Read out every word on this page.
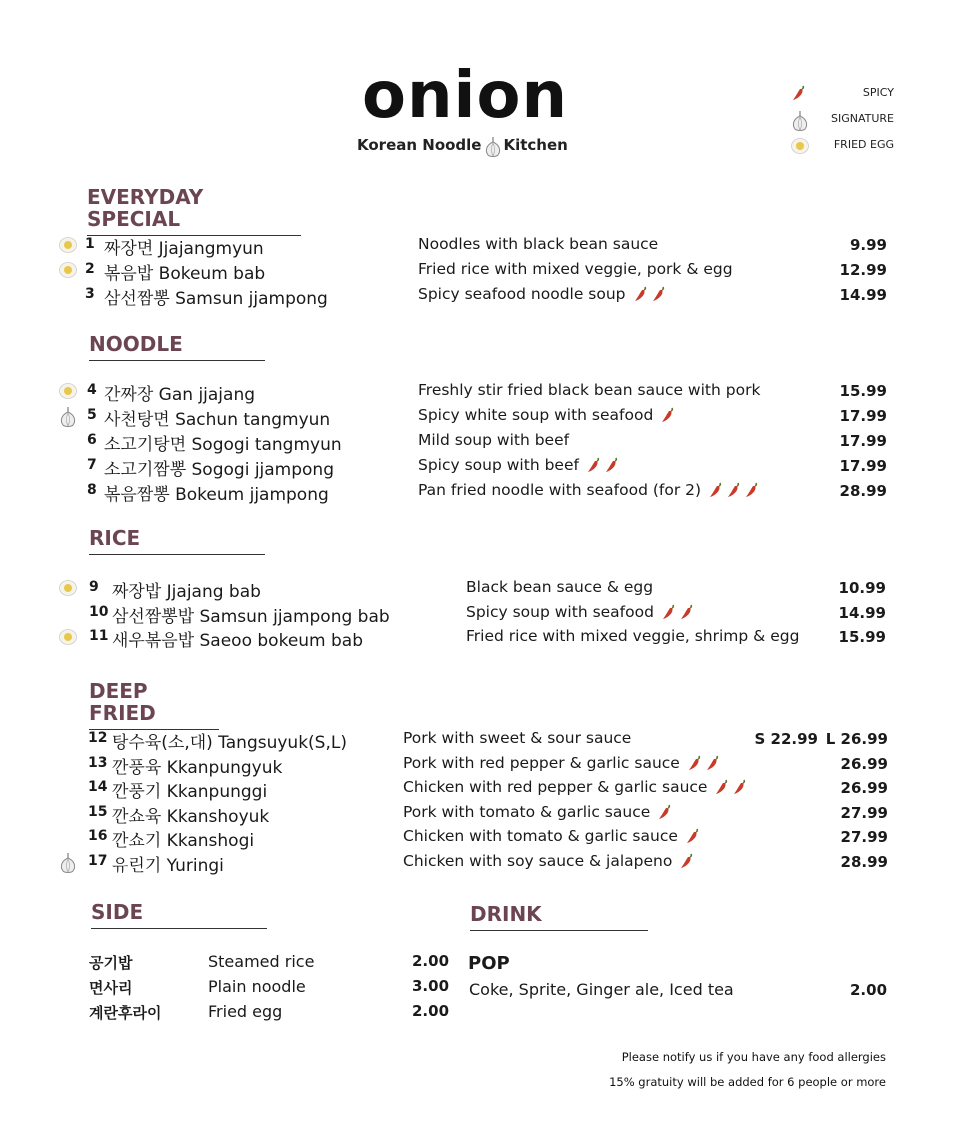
onion
Korean Noodle Kitchen
SPICY
SIGNATURE
FRIED EGG
EVERYDAY SPECIAL
NOODLE
RICE
DEEP FRIED
SIDE	DRINK
1 짜장면 Jjajangmyun	Noodles with black bean sauce	9.99
2 볶음밥 Bokeum bab	Fried rice with mixed veggie, pork & egg	12.99
3 삼선짬뽕 Samsun jjampong	Spicy seafood noodle soup	14.99
4 간짜장 Gan jjajang	Freshly stir fried black bean sauce with pork	15.99
5 사천탕면 Sachun tangmyun	Spicy white soup with seafood	17.99
6 소고기탕면 Sogogi tangmyun	Mild soup with beef	17.99
7 소고기짬뽕 Sogogi jjampong	Spicy soup with beef	17.99
8 볶음짬뽕 Bokeum jjampong	Pan fried noodle with seafood (for 2)	28.99
9 짜장밥 Jjajang bab	Black bean sauce & egg	10.99
10 삼선짬뽕밥 Samsun jjampong bab	Spicy soup with seafood	14.99
11 새우볶음밥 Saeoo bokeum bab	Fried rice with mixed veggie, shrimp & egg	15.99
12 탕수육(소,대) Tangsuyuk(S,L)	Pork with sweet & sour sauce	S 22.99 L 26.99
13 깐풍육 Kkanpungyuk	Pork with red pepper & garlic sauce	26.99
14 깐풍기 Kkanpunggi	Chicken with red pepper & garlic sauce	26.99
15 깐쇼육 Kkanshoyuk	Pork with tomato & garlic sauce	27.99
16 깐쇼기 Kkanshogi	Chicken with tomato & garlic sauce	27.99
17 유린기 Yuringi	Chicken with soy sauce & jalapeno	28.99
공기밥	Steamed rice	2.00
면사리	Plain noodle	3.00
계란후라이	Fried egg	2.00
POP
Coke, Sprite, Ginger ale, Iced tea	2.00
Please notify us if you have any food allergies
15% gratuity will be added for 6 people or more
